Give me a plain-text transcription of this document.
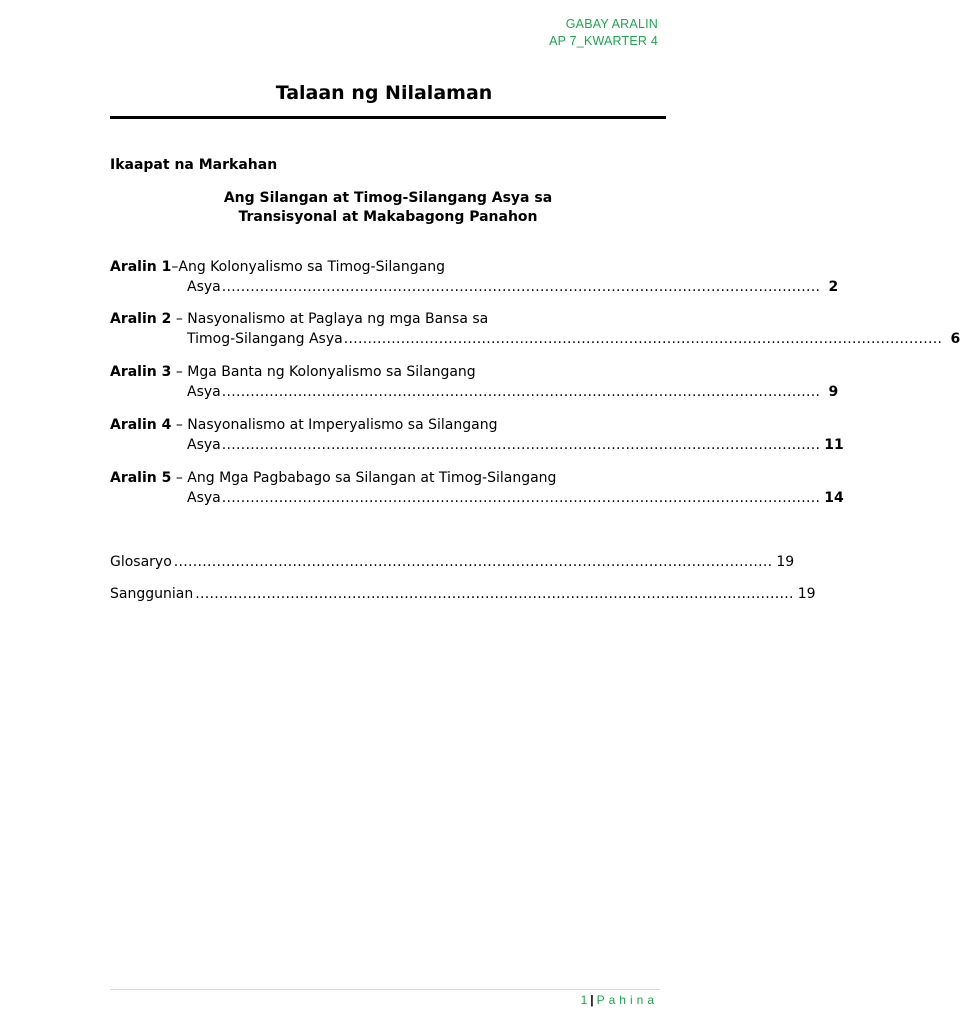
GABAY ARALIN
AP 7_KWARTER 4
Talaan ng Nilalaman
Ikaapat na Markahan
Ang Silangan at Timog-Silangang Asya sa
Transisyonal at Makabagong Panahon
Aralin 1–Ang Kolonyalismo sa Timog-Silangang
Asya .............................................................................................................................. 2
Aralin 2 – Nasyonalismo at Paglaya ng mga Bansa sa
Timog-Silangang Asya .............................................................................................................................. 6
Aralin 3 – Mga Banta ng Kolonyalismo sa Silangang
Asya .............................................................................................................................. 9
Aralin 4 – Nasyonalismo at Imperyalismo sa Silangang
Asya .............................................................................................................................. 11
Aralin 5 – Ang Mga Pagbabago sa Silangan at Timog-Silangang
Asya .............................................................................................................................. 14
Glosaryo .............................................................................................................................. 19
Sanggunian .............................................................................................................................. 19
1 | Pahina
